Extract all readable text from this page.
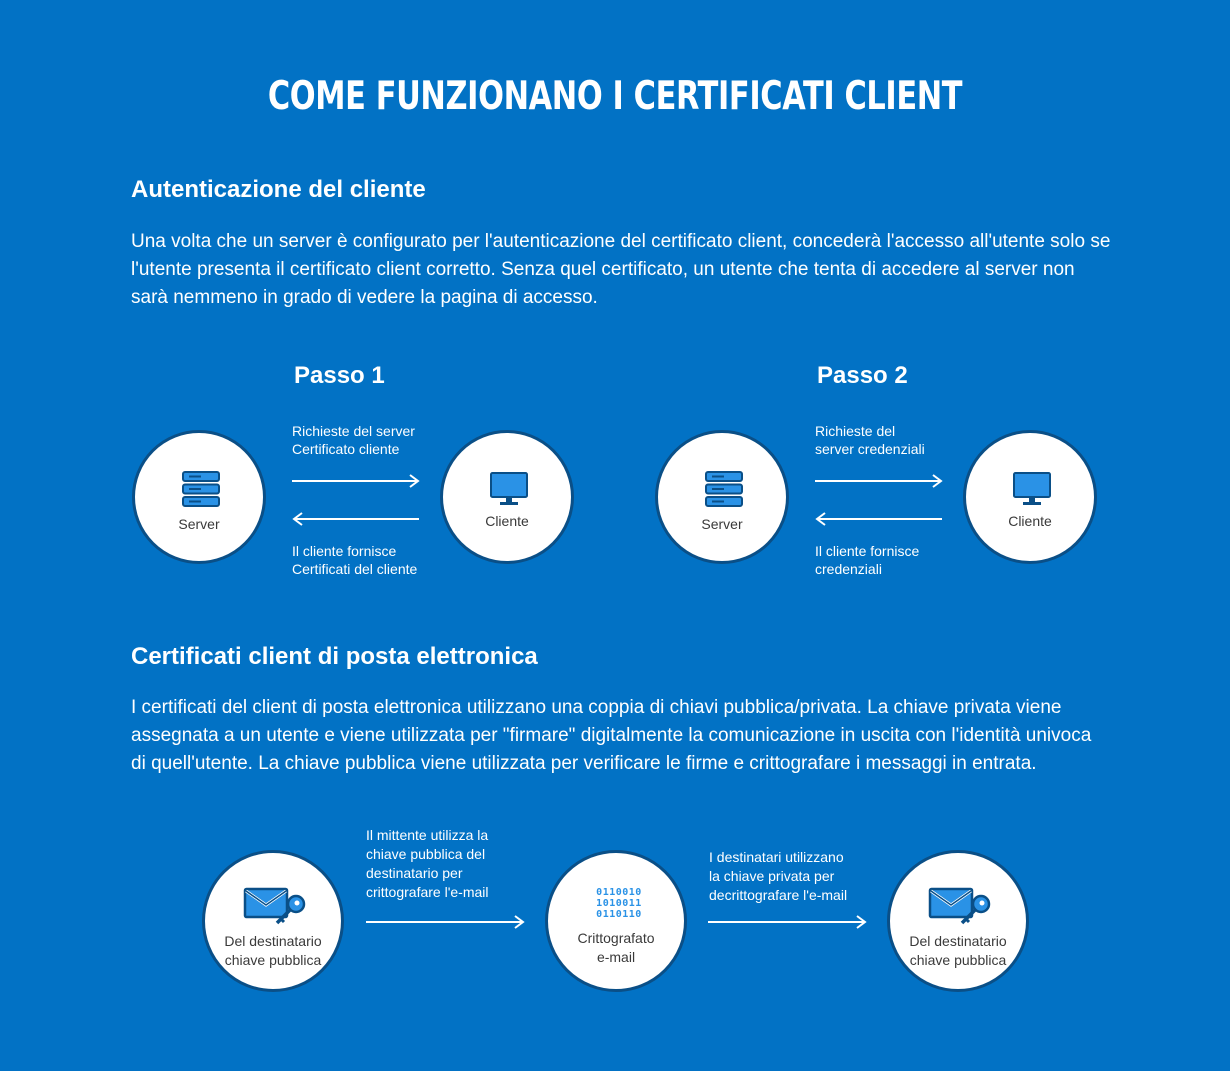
COME FUNZIONANO I CERTIFICATI CLIENT
Autenticazione del cliente
Una volta che un server è configurato per l'autenticazione del certificato client, concederà l'accesso all'utente solo se l'utente presenta il certificato client corretto. Senza quel certificato, un utente che tenta di accedere al server non sarà nemmeno in grado di vedere la pagina di accesso.
Passo 1
Server
Richieste del server
Certificato cliente
Il cliente fornisce
Certificati del cliente
Cliente
Passo 2
Server
Richieste del
server credenziali
Il cliente fornisce
credenziali
Cliente
Certificati client di posta elettronica
I certificati del client di posta elettronica utilizzano una coppia di chiavi pubblica/privata. La chiave privata viene assegnata a un utente e viene utilizzata per "firmare" digitalmente la comunicazione in uscita con l'identità univoca di quell'utente. La chiave pubblica viene utilizzata per verificare le firme e crittografare i messaggi in entrata.
Del destinatario
chiave pubblica
Il mittente utilizza la
chiave pubblica del
destinatario per
crittografare l'e-mail	0110010
1010011
0110110
Crittografato
e-mail
I destinatari utilizzano
la chiave privata per
decrittografare l'e-mail
Del destinatario
chiave pubblica
